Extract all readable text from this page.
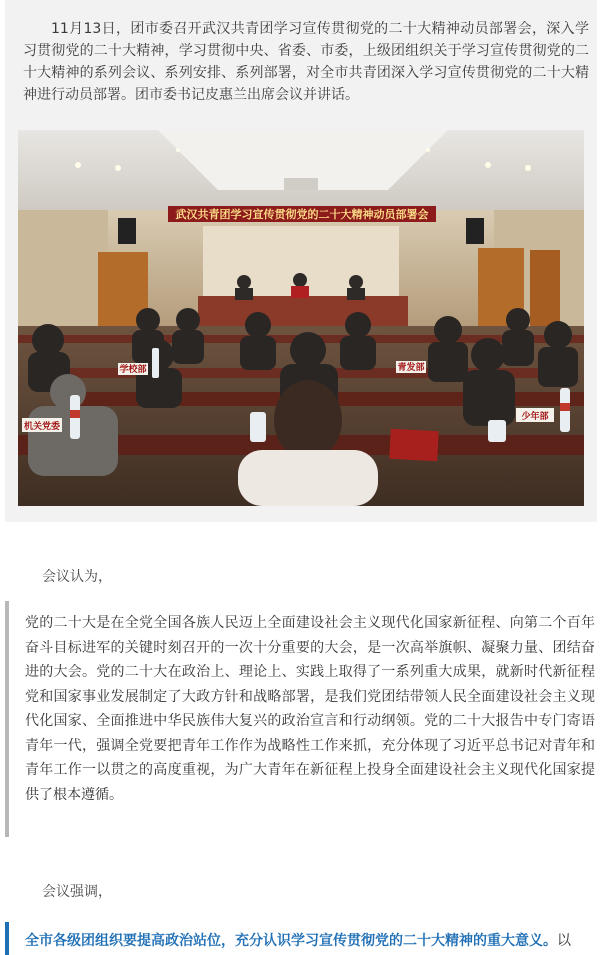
11月13日，团市委召开武汉共青团学习宣传贯彻党的二十大精神动员部署会，深入学习贯彻党的二十大精神，学习贯彻中央、省委、市委，上级团组织关于学习宣传贯彻党的二十大精神的系列会议、系列安排、系列部署，对全市共青团深入学习宣传贯彻党的二十大精神进行动员部署。团市委书记皮惠兰出席会议并讲话。

武汉共青团学习宣传贯彻党的二十大精神动员部署会
机关党委
少年部
青发部
学校部

会议认为，

党的二十大是在全党全国各族人民迈上全面建设社会主义现代化国家新征程、向第二个百年奋斗目标进军的关键时刻召开的一次十分重要的大会，是一次高举旗帜、凝聚力量、团结奋进的大会。党的二十大在政治上、理论上、实践上取得了一系列重大成果，就新时代新征程党和国家事业发展制定了大政方针和战略部署，是我们党团结带领人民全面建设社会主义现代化国家、全面推进中华民族伟大复兴的政治宣言和行动纲领。党的二十大报告中专门寄语青年一代，强调全党要把青年工作作为战略性工作来抓，充分体现了习近平总书记对青年和青年工作一以贯之的高度重视，为广大青年在新征程上投身全面建设社会主义现代化国家提供了根本遵循。

会议强调，

全市各级团组织要提高政治站位，充分认识学习宣传贯彻党的二十大精神的重大意义。以
